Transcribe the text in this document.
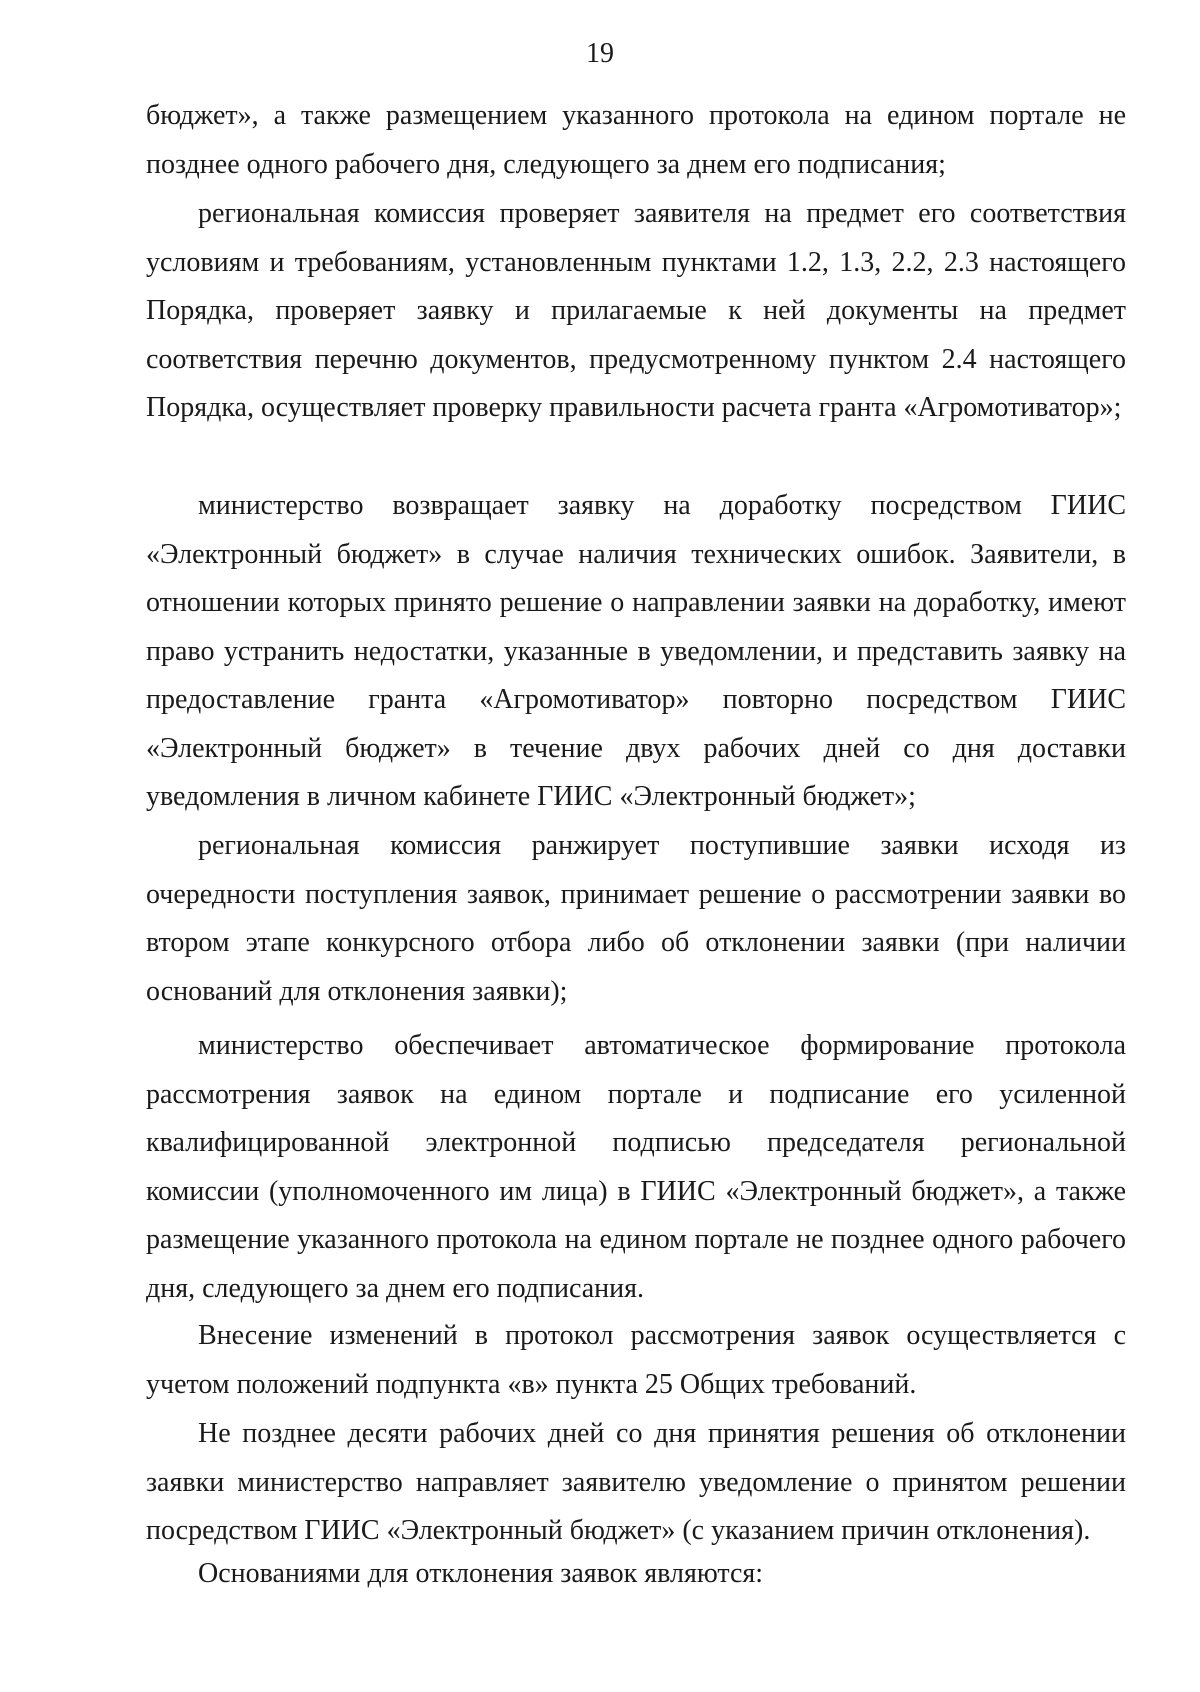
19

бюджет», а также размещением указанного протокола на едином портале не позднее одного рабочего дня, следующего за днем его подписания;

региональная комиссия проверяет заявителя на предмет его соответствия условиям и требованиям, установленным пунктами 1.2, 1.3, 2.2, 2.3 настоящего Порядка, проверяет заявку и прилагаемые к ней документы на предмет соответствия перечню документов, предусмотренному пунктом 2.4 настоящего Порядка, осуществляет проверку правильности расчета гранта «Агромотиватор»;

министерство возвращает заявку на доработку посредством ГИИС «Электронный бюджет» в случае наличия технических ошибок. Заявители, в отношении которых принято решение о направлении заявки на доработку, имеют право устранить недостатки, указанные в уведомлении, и представить заявку на предоставление гранта «Агромотиватор» повторно посредством ГИИС «Электронный бюджет» в течение двух рабочих дней со дня доставки уведомления в личном кабинете ГИИС «Электронный бюджет»;

региональная комиссия ранжирует поступившие заявки исходя из очередности поступления заявок, принимает решение о рассмотрении заявки во втором этапе конкурсного отбора либо об отклонении заявки (при наличии оснований для отклонения заявки);

министерство обеспечивает автоматическое формирование протокола рассмотрения заявок на едином портале и подписание его усиленной квалифицированной электронной подписью председателя региональной комиссии (уполномоченного им лица) в ГИИС «Электронный бюджет», а также размещение указанного протокола на едином портале не позднее одного рабочего дня, следующего за днем его подписания.

Внесение изменений в протокол рассмотрения заявок осуществляется с учетом положений подпункта «в» пункта 25 Общих требований.

Не позднее десяти рабочих дней со дня принятия решения об отклонении заявки министерство направляет заявителю уведомление о принятом решении посредством ГИИС «Электронный бюджет» (с указанием причин отклонения).

Основаниями для отклонения заявок являются:
